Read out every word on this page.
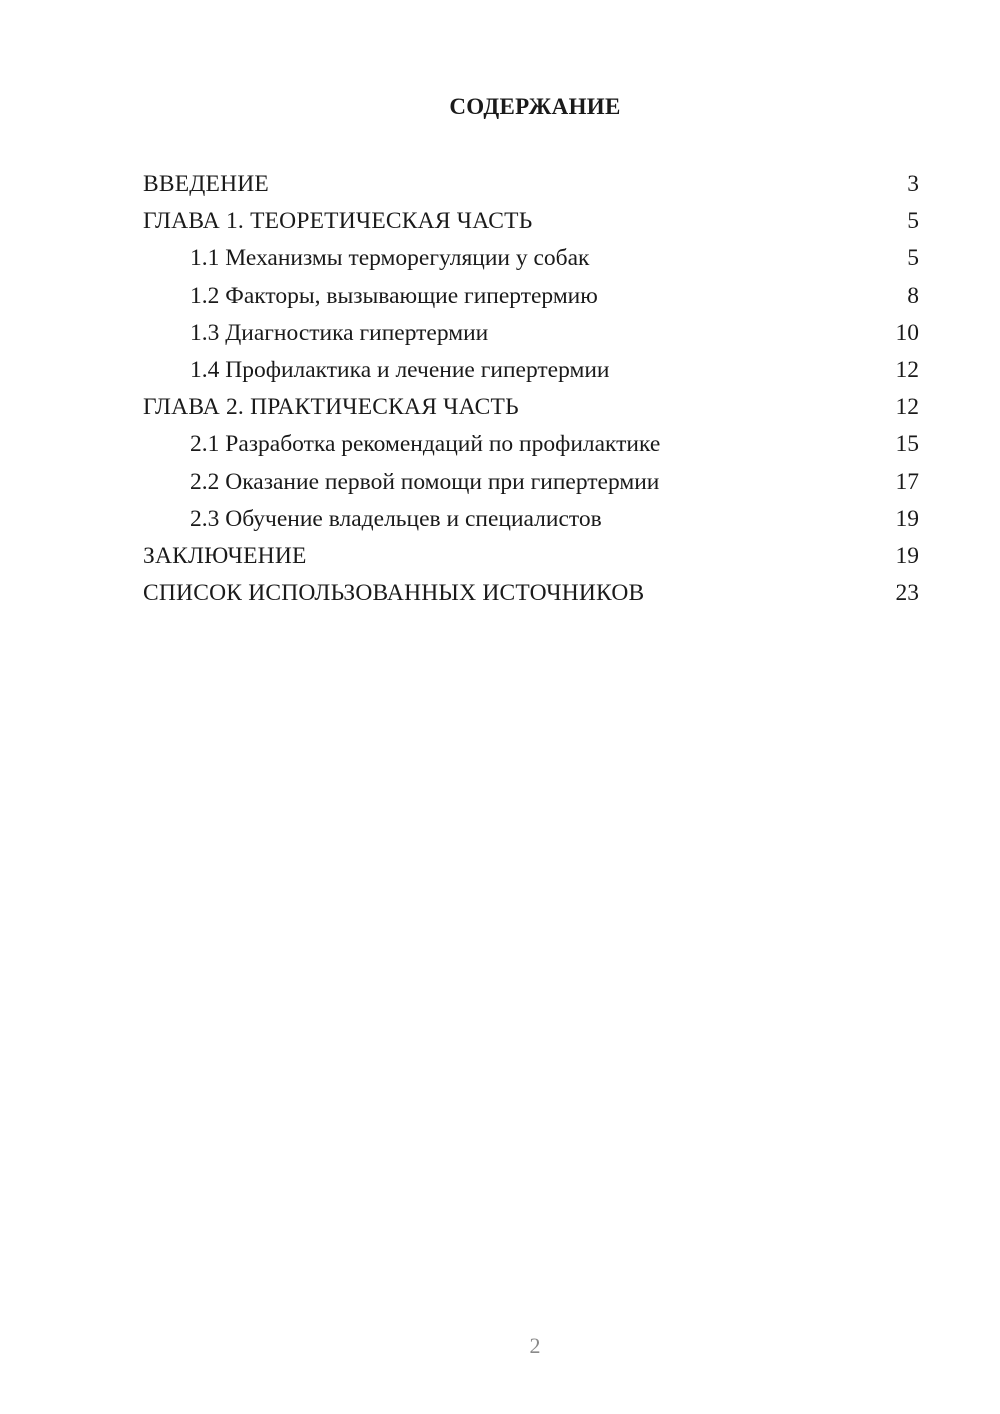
СОДЕРЖАНИЕ
ВВЕДЕНИЕ	3
ГЛАВА 1. ТЕОРЕТИЧЕСКАЯ ЧАСТЬ	5
1.1 Механизмы терморегуляции у собак	5
1.2 Факторы, вызывающие гипертермию	8
1.3 Диагностика гипертермии	10
1.4 Профилактика и лечение гипертермии	12
ГЛАВА 2. ПРАКТИЧЕСКАЯ ЧАСТЬ	12
2.1 Разработка рекомендаций по профилактике	15
2.2 Оказание первой помощи при гипертермии	17
2.3 Обучение владельцев и специалистов	19
ЗАКЛЮЧЕНИЕ	19
СПИСОК ИСПОЛЬЗОВАННЫХ ИСТОЧНИКОВ	23
2
